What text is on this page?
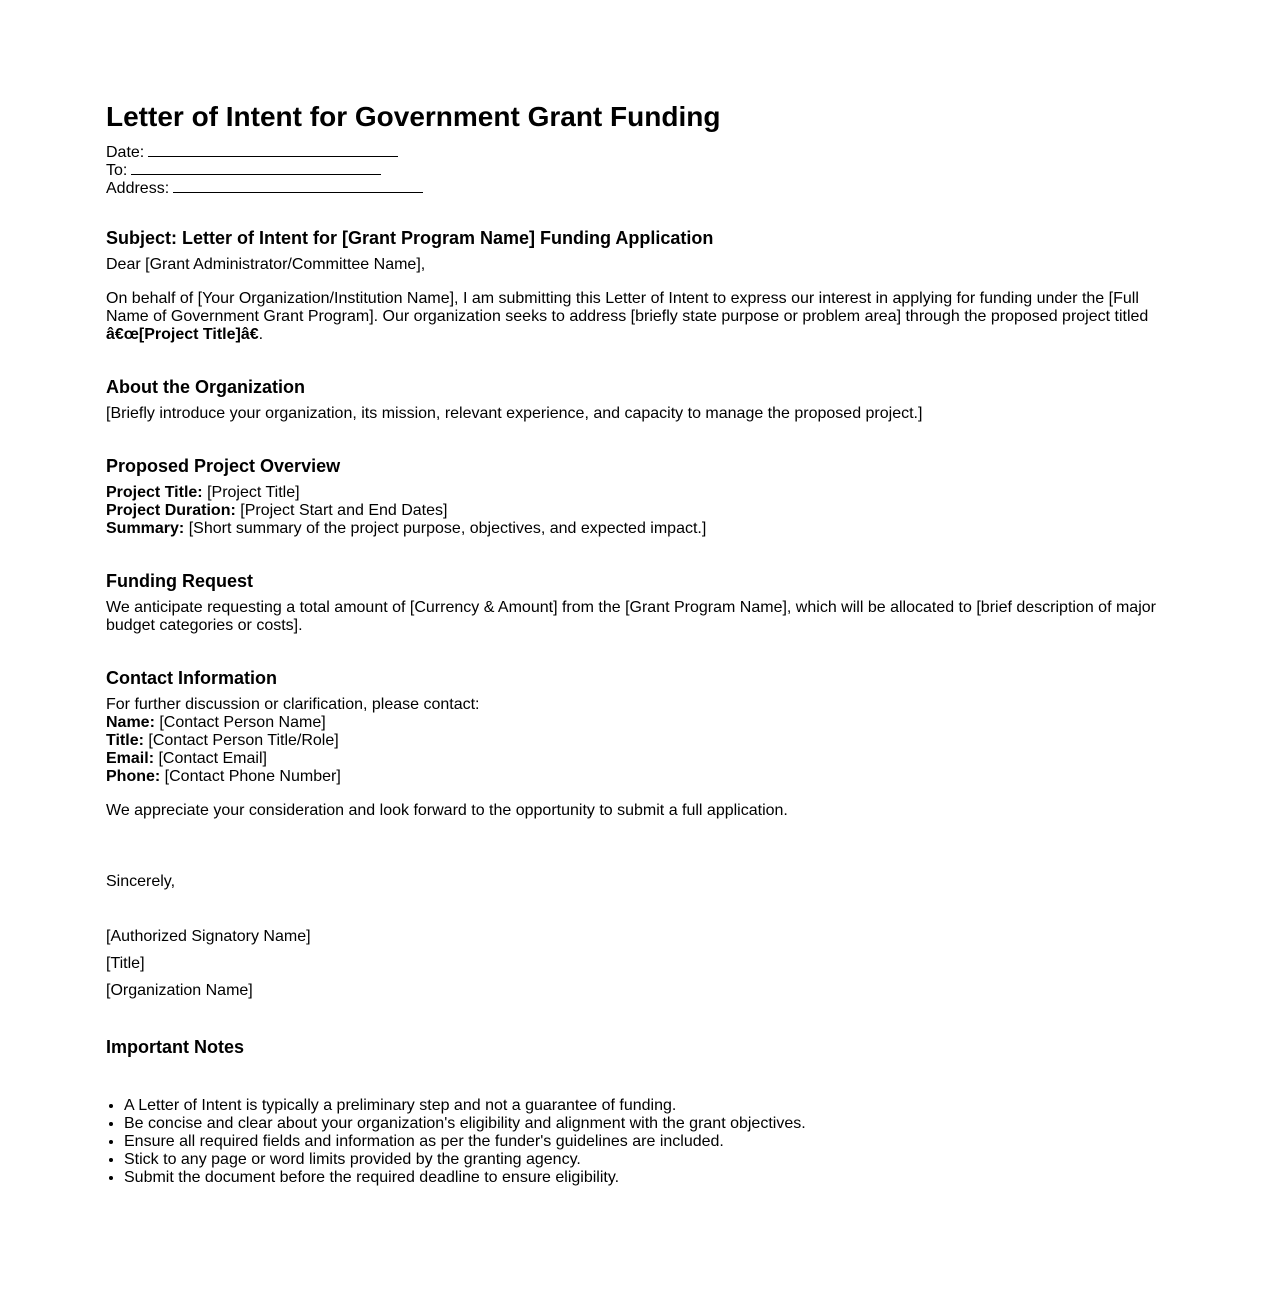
Letter of Intent for Government Grant Funding
Date:
To:
Address:
Subject: Letter of Intent for [Grant Program Name] Funding Application

Dear [Grant Administrator/Committee Name],

On behalf of [Your Organization/Institution Name], I am submitting this Letter of Intent to express our interest in applying for funding under the [Full Name of Government Grant Program]. Our organization seeks to address [briefly state purpose or problem area] through the proposed project titled â€œ[Project Title]â€.

About the Organization

[Briefly introduce your organization, its mission, relevant experience, and capacity to manage the proposed project.]

Proposed Project Overview
Project Title: [Project Title]
Project Duration: [Project Start and End Dates]
Summary: [Short summary of the project purpose, objectives, and expected impact.]
Funding Request

We anticipate requesting a total amount of [Currency & Amount] from the [Grant Program Name], which will be allocated to [brief description of major budget categories or costs].

Contact Information
For further discussion or clarification, please contact:
Name: [Contact Person Name]
Title: [Contact Person Title/Role]
Email: [Contact Email]
Phone: [Contact Phone Number]

We appreciate your consideration and look forward to the opportunity to submit a full application.

Sincerely,

[Authorized Signatory Name]

[Title]

[Organization Name]

Important Notes
• A Letter of Intent is typically a preliminary step and not a guarantee of funding.
• Be concise and clear about your organization's eligibility and alignment with the grant objectives.
• Ensure all required fields and information as per the funder's guidelines are included.
• Stick to any page or word limits provided by the granting agency.
• Submit the document before the required deadline to ensure eligibility.
